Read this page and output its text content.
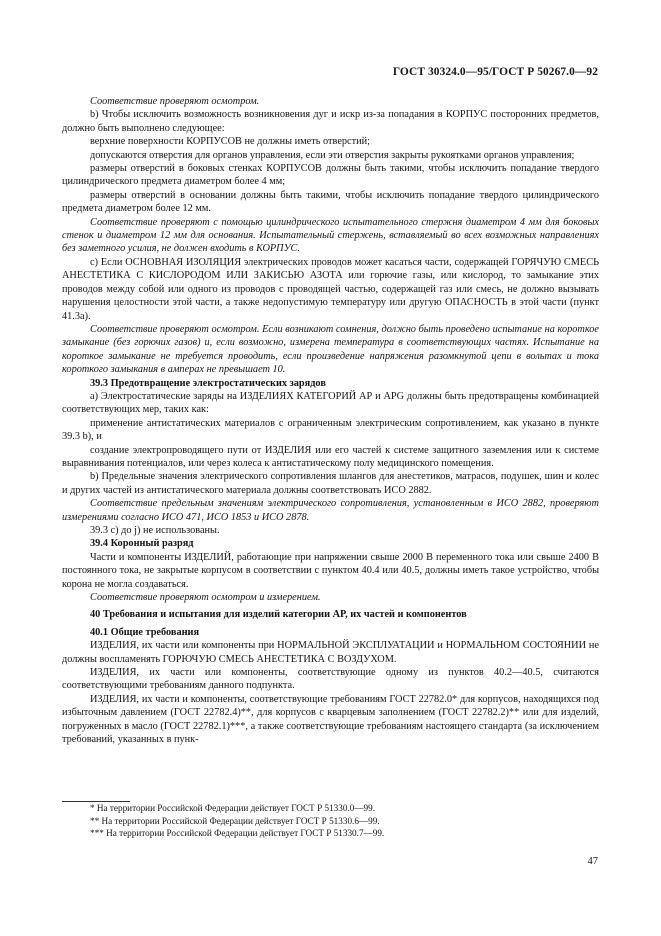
ГОСТ 30324.0—95/ГОСТ Р 50267.0—92

Соответствие проверяют осмотром.

b) Чтобы исключить возможность возникновения дуг и искр из-за попадания в КОРПУС посторонних предметов, должно быть выполнено следующее:

верхние поверхности КОРПУСОВ не должны иметь отверстий;

допускаются отверстия для органов управления, если эти отверстия закрыты рукоятками органов управления;

размеры отверстий в боковых стенках КОРПУСОВ должны быть такими, чтобы исключить попадание твердого цилиндрического предмета диаметром более 4 мм;

размеры отверстий в основании должны быть такими, чтобы исключить попадание твердого цилиндрического предмета диаметром более 12 мм.

Соответствие проверяют с помощью цилиндрического испытательного стержня диаметром 4 мм для боковых стенок и диаметром 12 мм для основания. Испытательный стержень, вставляемый во всех возможных направлениях без заметного усилия, не должен входить в КОРПУС.

c) Если ОСНОВНАЯ ИЗОЛЯЦИЯ электрических проводов может касаться части, содержащей ГОРЯЧУЮ СМЕСЬ АНЕСТЕТИКА С КИСЛОРОДОМ ИЛИ ЗАКИСЬЮ АЗОТА или горючие газы, или кислород, то замыкание этих проводов между собой или одного из проводов с проводящей частью, содержащей газ или смесь, не должно вызывать нарушения целостности этой части, а также недопустимую температуру или другую ОПАСНОСТЬ в этой части (пункт 41.3а).

Соответствие проверяют осмотром. Если возникают сомнения, должно быть проведено испытание на короткое замыкание (без горючих газов) и, если возможно, измерена температура в соответствующих частях. Испытание на короткое замыкание не требуется проводить, если произведение напряжения разомкнутой цепи в вольтах и тока короткого замыкания в амперах не превышает 10.

39.3 Предотвращение электростатических зарядов

a) Электростатические заряды на ИЗДЕЛИЯХ КАТЕГОРИЙ АР и АРG должны быть предотвращены комбинацией соответствующих мер, таких как:

применение антистатических материалов с ограниченным электрическим сопротивлением, как указано в пункте 39.3 b), и

создание электропроводящего пути от ИЗДЕЛИЯ или его частей к системе защитного заземления или к системе выравнивания потенциалов, или через колеса к антистатическому полу медицинского помещения.

b) Предельные значения электрического сопротивления шлангов для анестетиков, матрасов, подушек, шин и колес и других частей из антистатического материала должны соответствовать ИСО 2882.

Соответствие предельным значениям электрического сопротивления, установленным в ИСО 2882, проверяют измерениями согласно ИСО 471, ИСО 1853 и ИСО 2878.

39.3 с) до j) не использованы.

39.4 Коронный разряд

Части и компоненты ИЗДЕЛИЙ, работающие при напряжении свыше 2000 В переменного тока или свыше 2400 В постоянного тока, не закрытые корпусом в соответствии с пунктом 40.4 или 40.5, должны иметь такое устройство, чтобы корона не могла создаваться.

Соответствие проверяют осмотром и измерением.

40 Требования и испытания для изделий категории АР, их частей и компонентов

40.1 Общие требования

ИЗДЕЛИЯ, их части или компоненты при НОРМАЛЬНОЙ ЭКСПЛУАТАЦИИ и НОРМАЛЬНОМ СОСТОЯНИИ не должны воспламенять ГОРЮЧУЮ СМЕСЬ АНЕСТЕТИКА С ВОЗДУХОМ.

ИЗДЕЛИЯ, их части или компоненты, соответствующие одному из пунктов 40.2—40.5, считаются соответствующими требованиям данного подпункта.

ИЗДЕЛИЯ, их части и компоненты, соответствующие требованиям ГОСТ 22782.0* для корпусов, находящихся под избыточным давлением (ГОСТ 22782.4)**, для корпусов с кварцевым заполнением (ГОСТ 22782.2)** или для изделий, погруженных в масло (ГОСТ 22782.1)***, а также соответствующие требованиям настоящего стандарта (за исключением требований, указанных в пунк-

* На территории Российской Федерации действует ГОСТ Р 51330.0—99.

** На территории Российской Федерации действует ГОСТ Р 51330.6—99.

*** На территории Российской Федерации действует ГОСТ Р 51330.7—99.

47
